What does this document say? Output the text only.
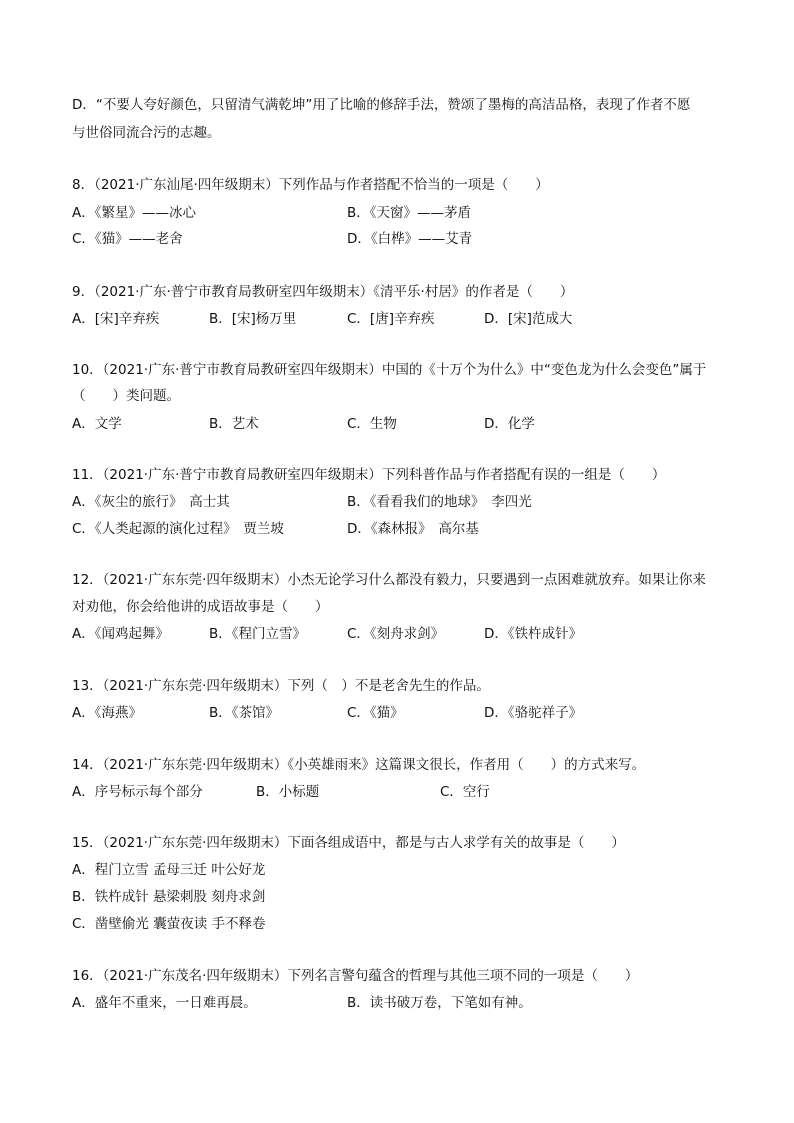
D．“不要人夸好颜色，只留清气满乾坤”用了比喻的修辞手法，赞颂了墨梅的高洁品格，表现了作者不愿
与世俗同流合污的志趣。
8．（2021·广东汕尾·四年级期末）下列作品与作者搭配不恰当的一项是（　　）
A．《繁星》——冰心	B．《天窗》——茅盾
C．《猫》——老舍	D．《白桦》——艾青
9．（2021·广东·普宁市教育局教研室四年级期末）《清平乐·村居》的作者是（　　）
A．[宋]辛弃疾	B．[宋]杨万里	C．[唐]辛弃疾	D．[宋]范成大
10．（2021·广东·普宁市教育局教研室四年级期末）中国的《十万个为什么》中“变色龙为什么会变色”属于
（　　）类问题。
A．文学	B．艺术	C．生物	D．化学
11．（2021·广东·普宁市教育局教研室四年级期末）下列科普作品与作者搭配有误的一组是（　　）
A．《灰尘的旅行》　高士其	B．《看看我们的地球》　李四光
C．《人类起源的演化过程》　贾兰坡	D．《森林报》　高尔基
12．（2021·广东东莞·四年级期末）小杰无论学习什么都没有毅力，只要遇到一点困难就放弃。如果让你来
对劝他，你会给他讲的成语故事是（　　）
A．《闻鸡起舞》	B．《程门立雪》	C．《刻舟求剑》	D．《铁杵成针》
13．（2021·广东东莞·四年级期末）下列（　）不是老舍先生的作品。
A．《海燕》	B．《茶馆》	C．《猫》	D．《骆驼祥子》
14．（2021·广东东莞·四年级期末）《小英雄雨来》这篇课文很长，作者用（　　）的方式来写。
A．序号标示每个部分	B．小标题	C．空行
15．（2021·广东东莞·四年级期末）下面各组成语中，都是与古人求学有关的故事是（　　）
A．程门立雪 孟母三迁 叶公好龙
B．铁杵成针 悬梁刺股 刻舟求剑
C．凿壁偷光 囊萤夜读 手不释卷
16．（2021·广东茂名·四年级期末）下列名言警句蕴含的哲理与其他三项不同的一项是（　　）
A．盛年不重来，一日难再晨。	B．读书破万卷，下笔如有神。
